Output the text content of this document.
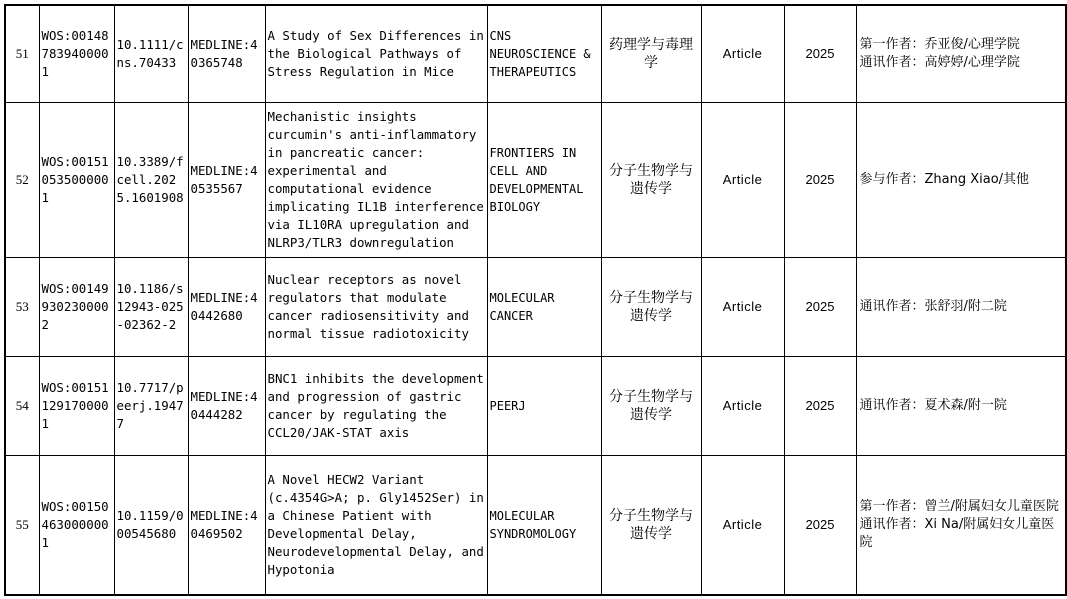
51	WOS:001487839400001	10.1111/cns.70433	MEDLINE:40365748	A Study of Sex Differences in the Biological Pathways of Stress Regulation in Mice	CNS NEUROSCIENCE & THERAPEUTICS	药理学与毒理学	Article	2025	第一作者：乔亚俊/心理学院
通讯作者：高婷婷/心理学院

52	WOS:001510535000001	10.3389/fcell.2025.1601908	MEDLINE:40535567	Mechanistic insights curcumin's anti-inflammatory in pancreatic cancer: experimental and computational evidence implicating IL1B interference via IL10RA upregulation and NLRP3/TLR3 downregulation	FRONTIERS IN CELL AND DEVELOPMENTAL BIOLOGY	分子生物学与遗传学	Article	2025	参与作者：Zhang Xiao/其他

53	WOS:001499302300002	10.1186/s12943-025-02362-2	MEDLINE:40442680	Nuclear receptors as novel regulators that modulate cancer radiosensitivity and normal tissue radiotoxicity	MOLECULAR CANCER	分子生物学与遗传学	Article	2025	通讯作者：张舒羽/附二院

54	WOS:001511291700001	10.7717/peerj.19477	MEDLINE:40444282	BNC1 inhibits the development and progression of gastric cancer by regulating the CCL20/JAK-STAT axis	PEERJ	分子生物学与遗传学	Article	2025	通讯作者：夏术森/附一院

55	WOS:001504630000001	10.1159/000545680	MEDLINE:40469502	A Novel HECW2 Variant (c.4354G>A; p. Gly1452Ser) in a Chinese Patient with Developmental Delay, Neurodevelopmental Delay, and Hypotonia	MOLECULAR SYNDROMOLOGY	分子生物学与遗传学	Article	2025	第一作者：曾兰/附属妇女儿童医院
通讯作者：Xi Na/附属妇女儿童医院
